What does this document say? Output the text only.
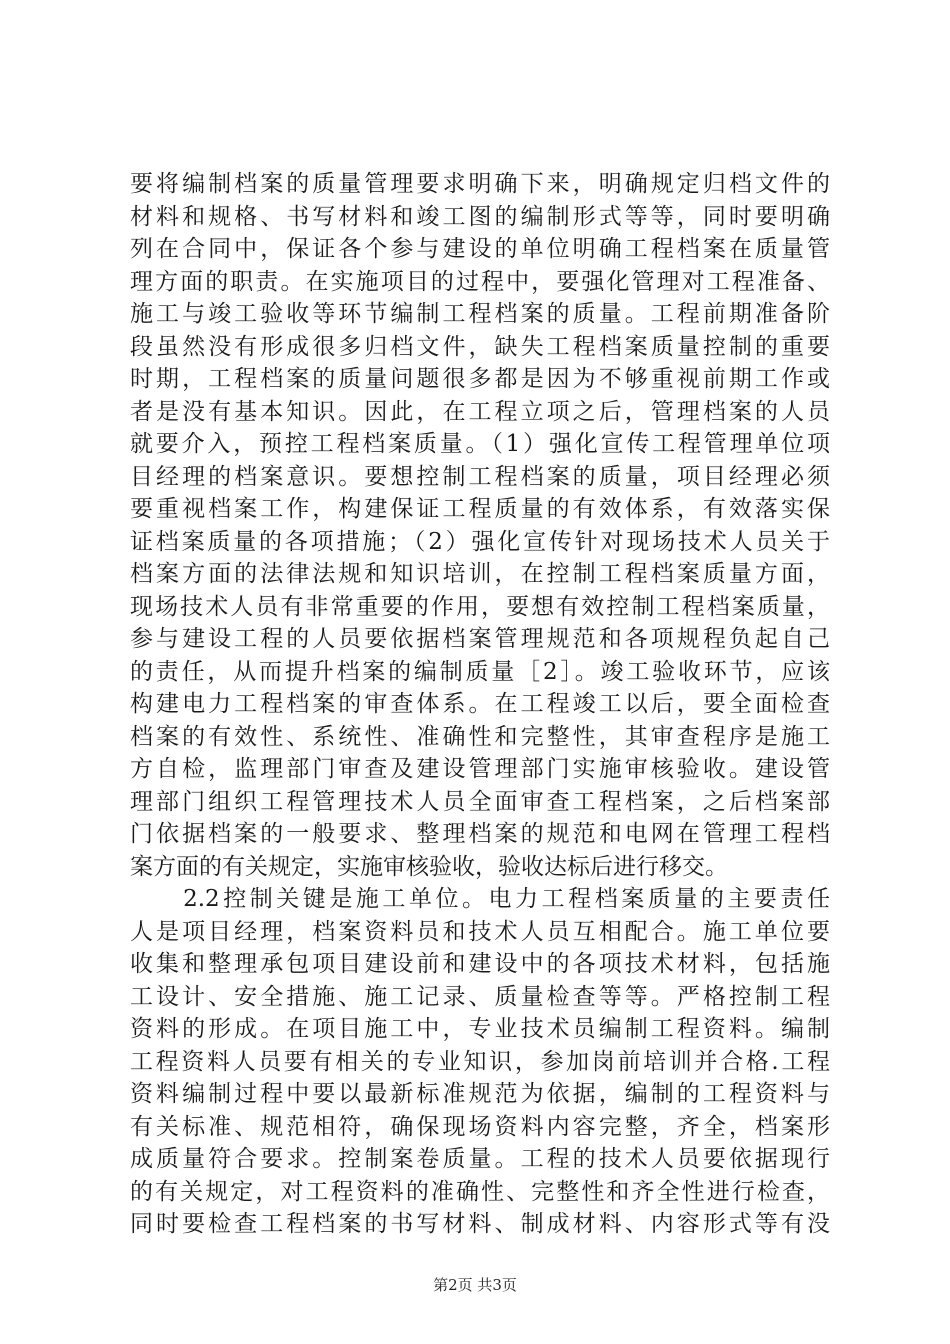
要将编制档案的质量管理要求明确下来，明确规定归档文件的
材料和规格、书写材料和竣工图的编制形式等等，同时要明确
列在合同中，保证各个参与建设的单位明确工程档案在质量管
理方面的职责。在实施项目的过程中，要强化管理对工程准备、
施工与竣工验收等环节编制工程档案的质量。工程前期准备阶
段虽然没有形成很多归档文件，缺失工程档案质量控制的重要
时期，工程档案的质量问题很多都是因为不够重视前期工作或
者是没有基本知识。因此，在工程立项之后，管理档案的人员
就要介入，预控工程档案质量。（1）强化宣传工程管理单位项
目经理的档案意识。要想控制工程档案的质量，项目经理必须
要重视档案工作，构建保证工程质量的有效体系，有效落实保
证档案质量的各项措施；（2）强化宣传针对现场技术人员关于
档案方面的法律法规和知识培训，在控制工程档案质量方面，
现场技术人员有非常重要的作用，要想有效控制工程档案质量，
参与建设工程的人员要依据档案管理规范和各项规程负起自己
的责任，从而提升档案的编制质量［2］。竣工验收环节，应该
构建电力工程档案的审查体系。在工程竣工以后，要全面检查
档案的有效性、系统性、准确性和完整性，其审查程序是施工
方自检，监理部门审查及建设管理部门实施审核验收。建设管
理部门组织工程管理技术人员全面审查工程档案，之后档案部
门依据档案的一般要求、整理档案的规范和电网在管理工程档
案方面的有关规定，实施审核验收，验收达标后进行移交。
　　2.2控制关键是施工单位。电力工程档案质量的主要责任
人是项目经理，档案资料员和技术人员互相配合。施工单位要
收集和整理承包项目建设前和建设中的各项技术材料，包括施
工设计、安全措施、施工记录、质量检查等等。严格控制工程
资料的形成。在项目施工中，专业技术员编制工程资料。编制
工程资料人员要有相关的专业知识，参加岗前培训并合格.工程
资料编制过程中要以最新标准规范为依据，编制的工程资料与
有关标准、规范相符，确保现场资料内容完整，齐全，档案形
成质量符合要求。控制案卷质量。工程的技术人员要依据现行
的有关规定，对工程资料的准确性、完整性和齐全性进行检查，
同时要检查工程档案的书写材料、制成材料、内容形式等有没
第2页 共3页
